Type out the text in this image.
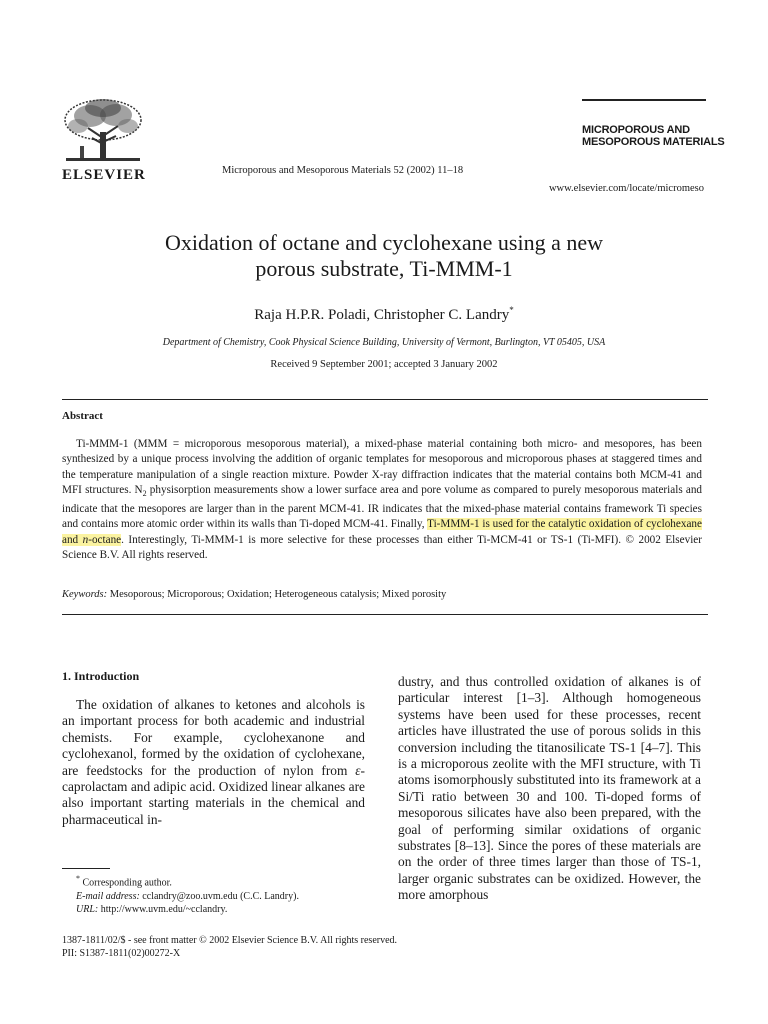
ELSEVIER	Microporous and Mesoporous Materials 52 (2002) 11–18
MICROPOROUS AND
MESOPOROUS MATERIALS
www.elsevier.com/locate/micromeso
Oxidation of octane and cyclohexane using a new
porous substrate, Ti-MMM-1
Raja H.P.R. Poladi, Christopher C. Landry*
Department of Chemistry, Cook Physical Science Building, University of Vermont, Burlington, VT 05405, USA
Received 9 September 2001; accepted 3 January 2002
Abstract
Ti-MMM-1 (MMM = microporous mesoporous material), a mixed-phase material containing both micro- and mesopores, has been synthesized by a unique process involving the addition of organic templates for mesoporous and microporous phases at staggered times and the temperature manipulation of a single reaction mixture. Powder X-ray diffraction indicates that the material contains both MCM-41 and MFI structures. $N_2$ physisorption measurements show a lower surface area and pore volume as compared to purely mesoporous materials and indicate that the mesopores are larger than in the parent MCM-41. IR indicates that the mixed-phase material contains framework Ti species and contains more atomic order within its walls than Ti-doped MCM-41. Finally, Ti-MMM-1 is used for the catalytic oxidation of cyclohexane and n-octane. Interestingly, Ti-MMM-1 is more selective for these processes than either Ti-MCM-41 or TS-1 (Ti-MFI). © 2002 Elsevier Science B.V. All rights reserved.
Keywords: Mesoporous; Microporous; Oxidation; Heterogeneous catalysis; Mixed porosity
1. Introduction
The oxidation of alkanes to ketones and alcohols is an important process for both academic and industrial chemists. For example, cyclohexanone and cyclohexanol, formed by the oxidation of cyclohexane, are feedstocks for the production of nylon from ε-caprolactam and adipic acid. Oxidized linear alkanes are also important starting materials in the chemical and pharmaceutical in-
dustry, and thus controlled oxidation of alkanes is of particular interest [1–3]. Although homogeneous systems have been used for these processes, recent articles have illustrated the use of porous solids in this conversion including the titanosilicate TS-1 [4–7]. This is a microporous zeolite with the MFI structure, with Ti atoms isomorphously substituted into its framework at a Si/Ti ratio between 30 and 100. Ti-doped forms of mesoporous silicates have also been prepared, with the goal of performing similar oxidations of organic substrates [8–13]. Since the pores of these materials are on the order of three times larger than those of TS-1, larger organic substrates can be oxidized. However, the more amorphous
* Corresponding author.
E-mail address: cclandry@zoo.uvm.edu (C.C. Landry).
URL: http://www.uvm.edu/~cclandry.
1387-1811/02/$ - see front matter © 2002 Elsevier Science B.V. All rights reserved.
PII: S1387-1811(02)00272-X
